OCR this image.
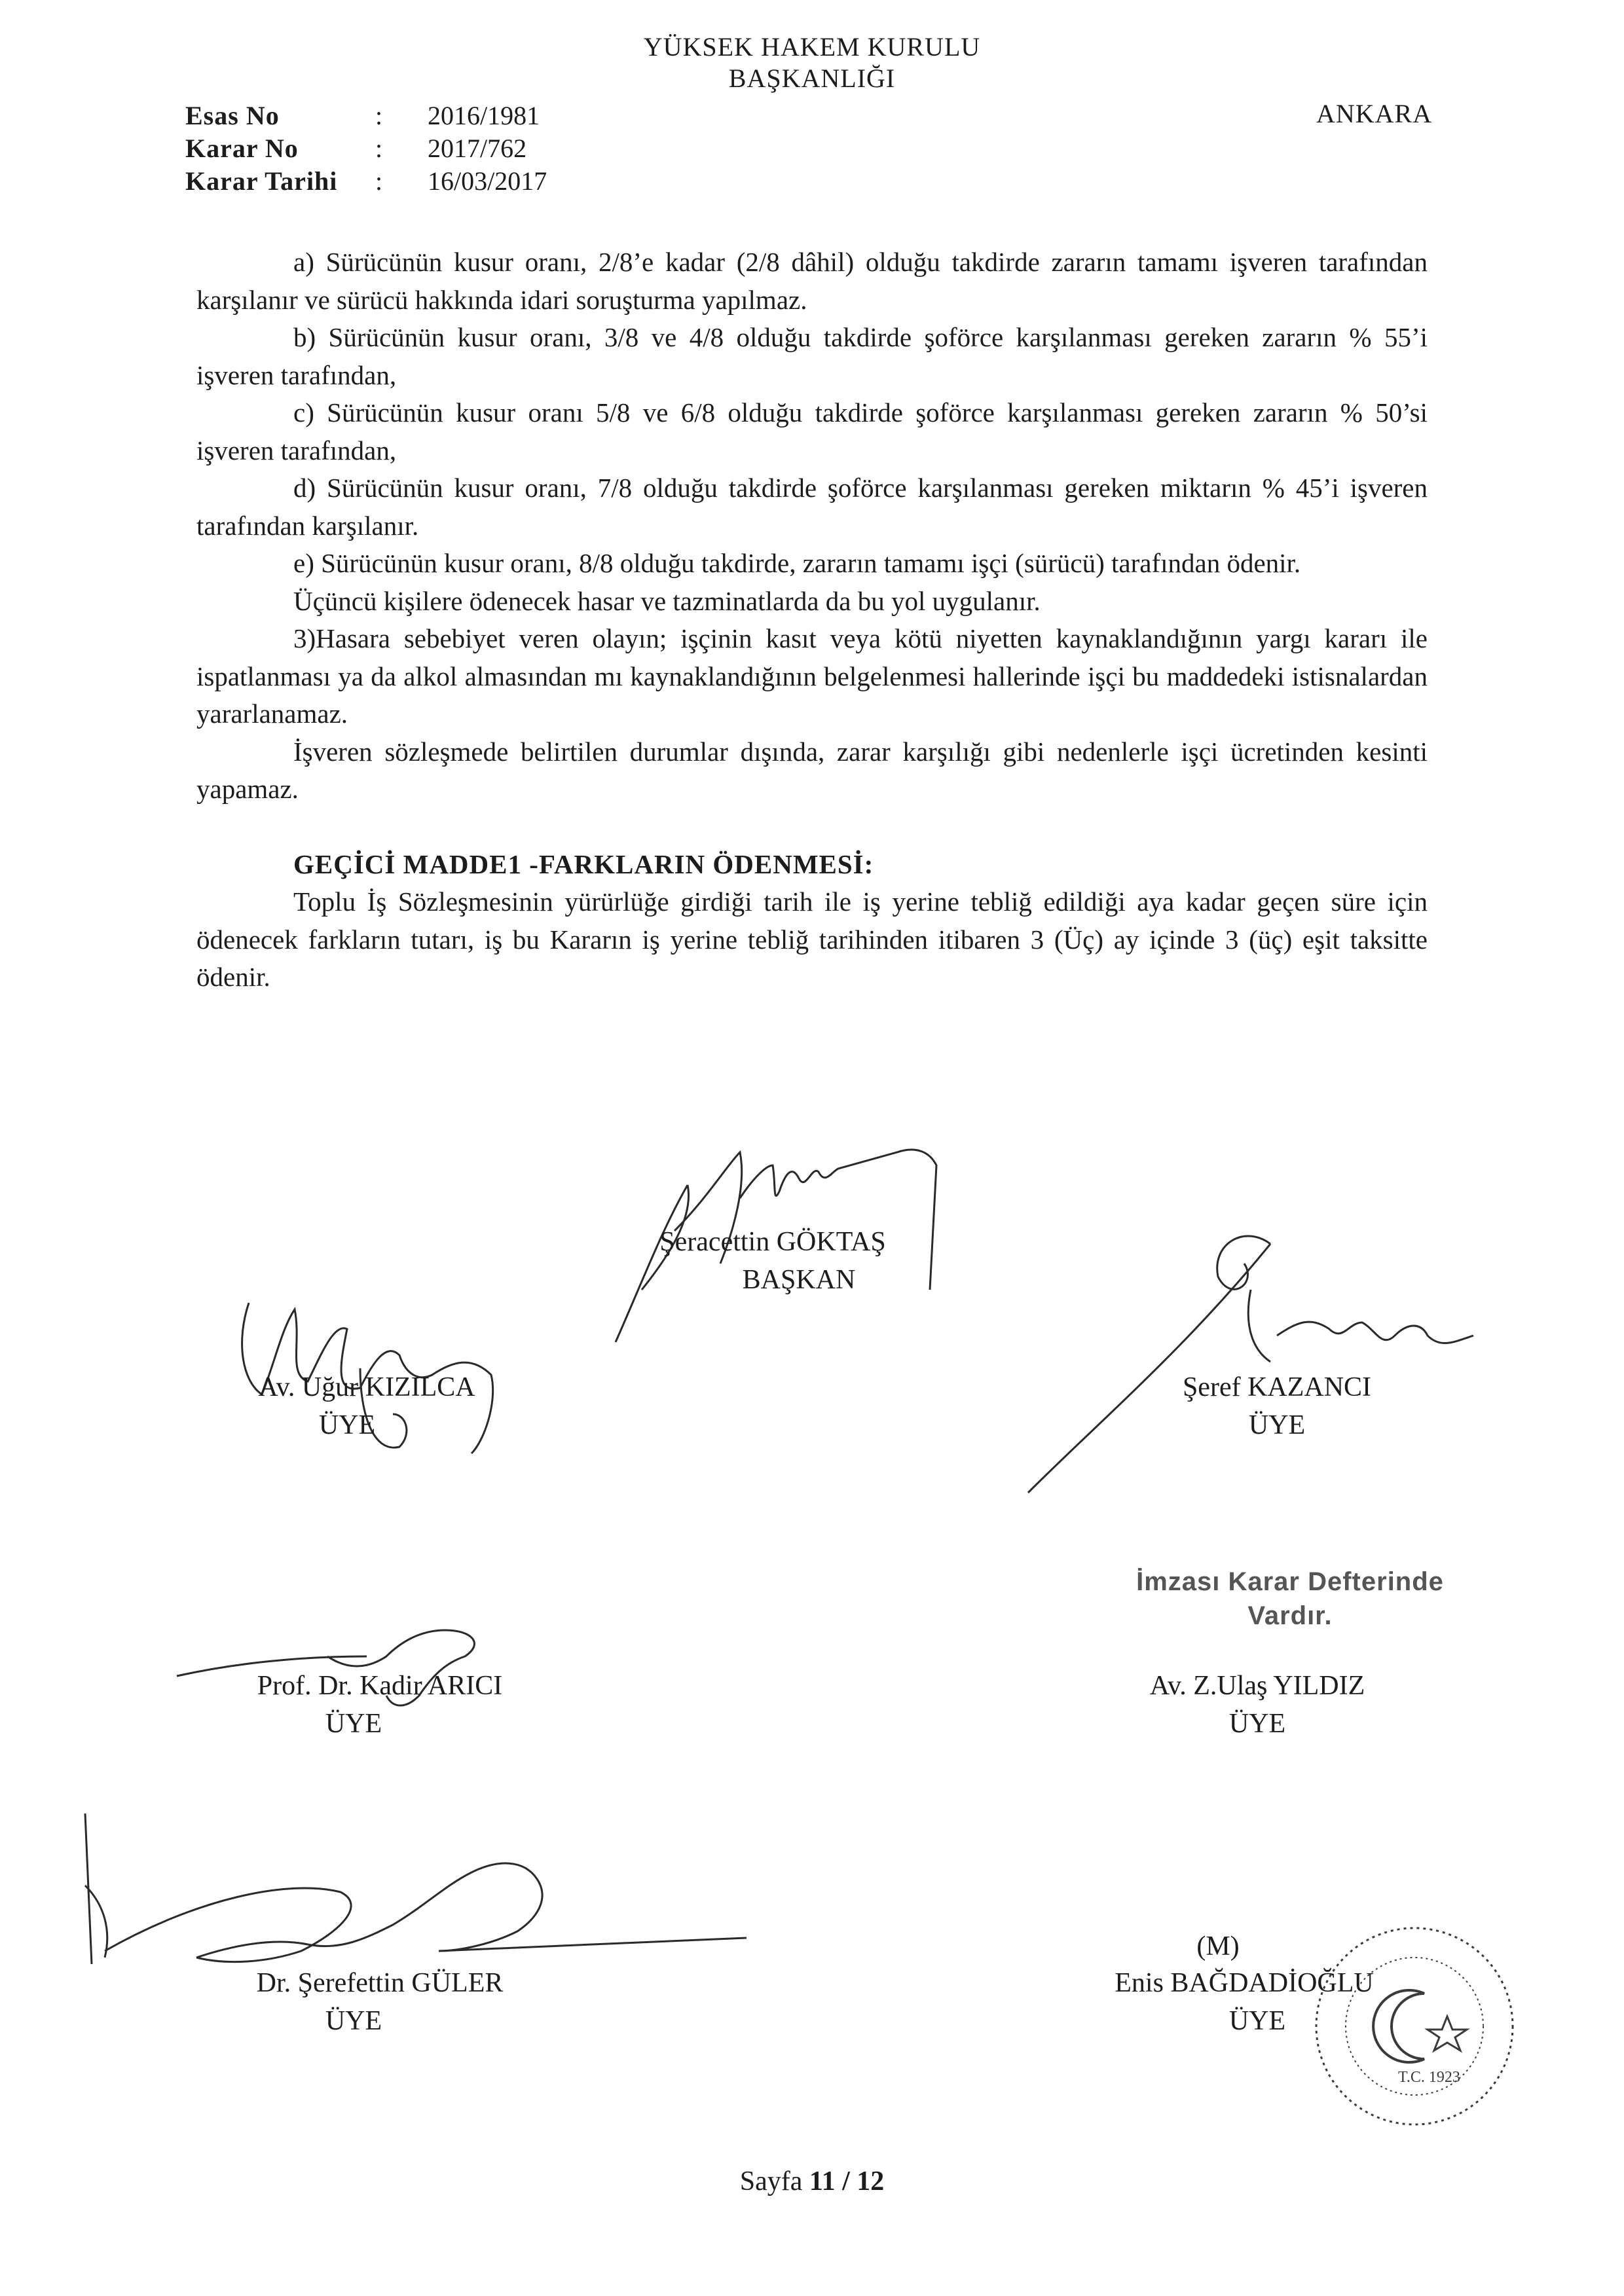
YÜKSEK HAKEM KURULU
BAŞKANLIĞI
ANKARA
Esas No	: 2016/1981
Karar No	: 2017/762
Karar Tarihi : 16/03/2017

a) Sürücünün kusur oranı, 2/8’e kadar (2/8 dâhil) olduğu takdirde zararın tamamı işveren tarafından karşılanır ve sürücü hakkında idari soruşturma yapılmaz.

b) Sürücünün kusur oranı, 3/8 ve 4/8 olduğu takdirde şoförce karşılanması gereken zararın % 55’i işveren tarafından,

c) Sürücünün kusur oranı 5/8 ve 6/8 olduğu takdirde şoförce karşılanması gereken zararın % 50’si işveren tarafından,

d) Sürücünün kusur oranı, 7/8 olduğu takdirde şoförce karşılanması gereken miktarın % 45’i işveren tarafından karşılanır.

e) Sürücünün kusur oranı, 8/8 olduğu takdirde, zararın tamamı işçi (sürücü) tarafından ödenir.

Üçüncü kişilere ödenecek hasar ve tazminatlarda da bu yol uygulanır.

3)Hasara sebebiyet veren olayın; işçinin kasıt veya kötü niyetten kaynaklandığının yargı kararı ile ispatlanması ya da alkol almasından mı kaynaklandığının belgelenmesi hallerinde işçi bu maddedeki istisnalardan yararlanamaz.

İşveren sözleşmede belirtilen durumlar dışında, zarar karşılığı gibi nedenlerle işçi ücretinden kesinti yapamaz.

GEÇİCİ MADDE1 -FARKLARIN ÖDENMESİ:

Toplu İş Sözleşmesinin yürürlüğe girdiği tarih ile iş yerine tebliğ edildiği aya kadar geçen süre için ödenecek farkların tutarı, iş bu Kararın iş yerine tebliğ tarihinden itibaren 3 (Üç) ay içinde 3 (üç) eşit taksitte ödenir.

Şeracettin GÖKTAŞ
BAŞKAN
Av. Uğur KIZILCA
ÜYE
Şeref KAZANCI
ÜYE
Prof. Dr. Kadir ARICI
ÜYE
İmzası Karar Defterinde
Vardır.
Av. Z.Ulaş YILDIZ
ÜYE
Dr. Şerefettin GÜLER
ÜYE
(M)
Enis BAĞDADİOĞLU
ÜYE
T.C. 1923
Sayfa 11 / 12
